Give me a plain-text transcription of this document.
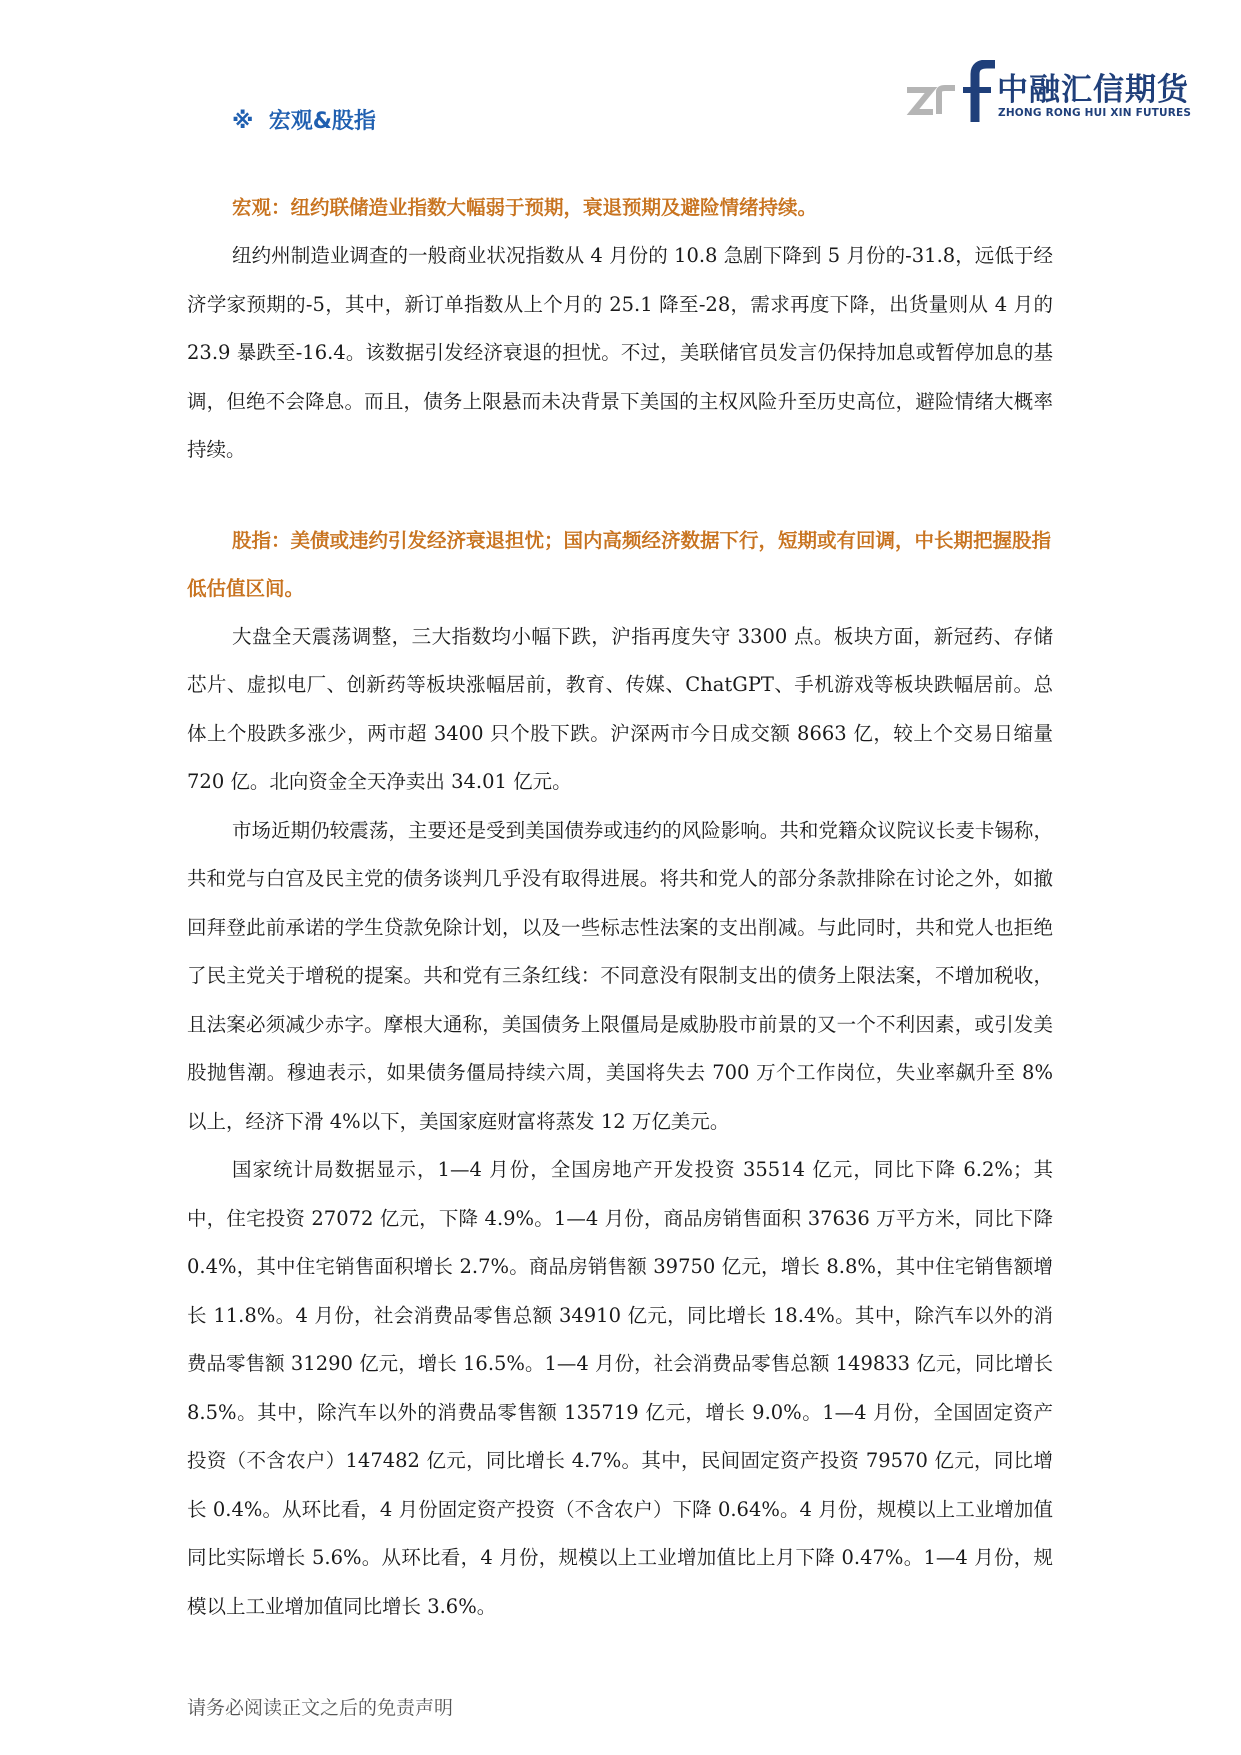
中融汇信期货
ZHONG RONG HUI XIN FUTURES
※ 宏观&股指

宏观：纽约联储造业指数大幅弱于预期，衰退预期及避险情绪持续。

纽约州制造业调查的一般商业状况指数从 4 月份的 10.8 急剧下降到 5 月份的-31.8，远低于经济学家预期的-5，其中，新订单指数从上个月的 25.1 降至-28，需求再度下降，出货量则从 4 月的 23.9 暴跌至-16.4。该数据引发经济衰退的担忧。不过，美联储官员发言仍保持加息或暂停加息的基调，但绝不会降息。而且，债务上限悬而未决背景下美国的主权风险升至历史高位，避险情绪大概率持续。

股指：美债或违约引发经济衰退担忧；国内高频经济数据下行，短期或有回调，中长期把握股指低估值区间。

大盘全天震荡调整，三大指数均小幅下跌，沪指再度失守 3300 点。板块方面，新冠药、存储芯片、虚拟电厂、创新药等板块涨幅居前，教育、传媒、ChatGPT、手机游戏等板块跌幅居前。总体上个股跌多涨少，两市超 3400 只个股下跌。沪深两市今日成交额 8663 亿，较上个交易日缩量 720 亿。北向资金全天净卖出 34.01 亿元。

市场近期仍较震荡，主要还是受到美国债券或违约的风险影响。共和党籍众议院议长麦卡锡称，共和党与白宫及民主党的债务谈判几乎没有取得进展。将共和党人的部分条款排除在讨论之外，如撤回拜登此前承诺的学生贷款免除计划，以及一些标志性法案的支出削减。与此同时，共和党人也拒绝了民主党关于增税的提案。共和党有三条红线：不同意没有限制支出的债务上限法案，不增加税收，且法案必须减少赤字。摩根大通称，美国债务上限僵局是威胁股市前景的又一个不利因素，或引发美股抛售潮。穆迪表示，如果债务僵局持续六周，美国将失去 700 万个工作岗位，失业率飙升至 8%以上，经济下滑 4%以下，美国家庭财富将蒸发 12 万亿美元。

国家统计局数据显示，1—4 月份，全国房地产开发投资 35514 亿元，同比下降 6.2%；其中，住宅投资 27072 亿元，下降 4.9%。1—4 月份，商品房销售面积 37636 万平方米，同比下降 0.4%，其中住宅销售面积增长 2.7%。商品房销售额 39750 亿元，增长 8.8%，其中住宅销售额增长 11.8%。4 月份，社会消费品零售总额 34910 亿元，同比增长 18.4%。其中，除汽车以外的消费品零售额 31290 亿元，增长 16.5%。1—4 月份，社会消费品零售总额 149833 亿元，同比增长 8.5%。其中，除汽车以外的消费品零售额 135719 亿元，增长 9.0%。1—4 月份，全国固定资产投资（不含农户）147482 亿元，同比增长 4.7%。其中，民间固定资产投资 79570 亿元，同比增长 0.4%。从环比看，4 月份固定资产投资（不含农户）下降 0.64%。4 月份，规模以上工业增加值同比实际增长 5.6%。从环比看，4 月份，规模以上工业增加值比上月下降 0.47%。1—4 月份，规模以上工业增加值同比增长 3.6%。

请务必阅读正文之后的免责声明
